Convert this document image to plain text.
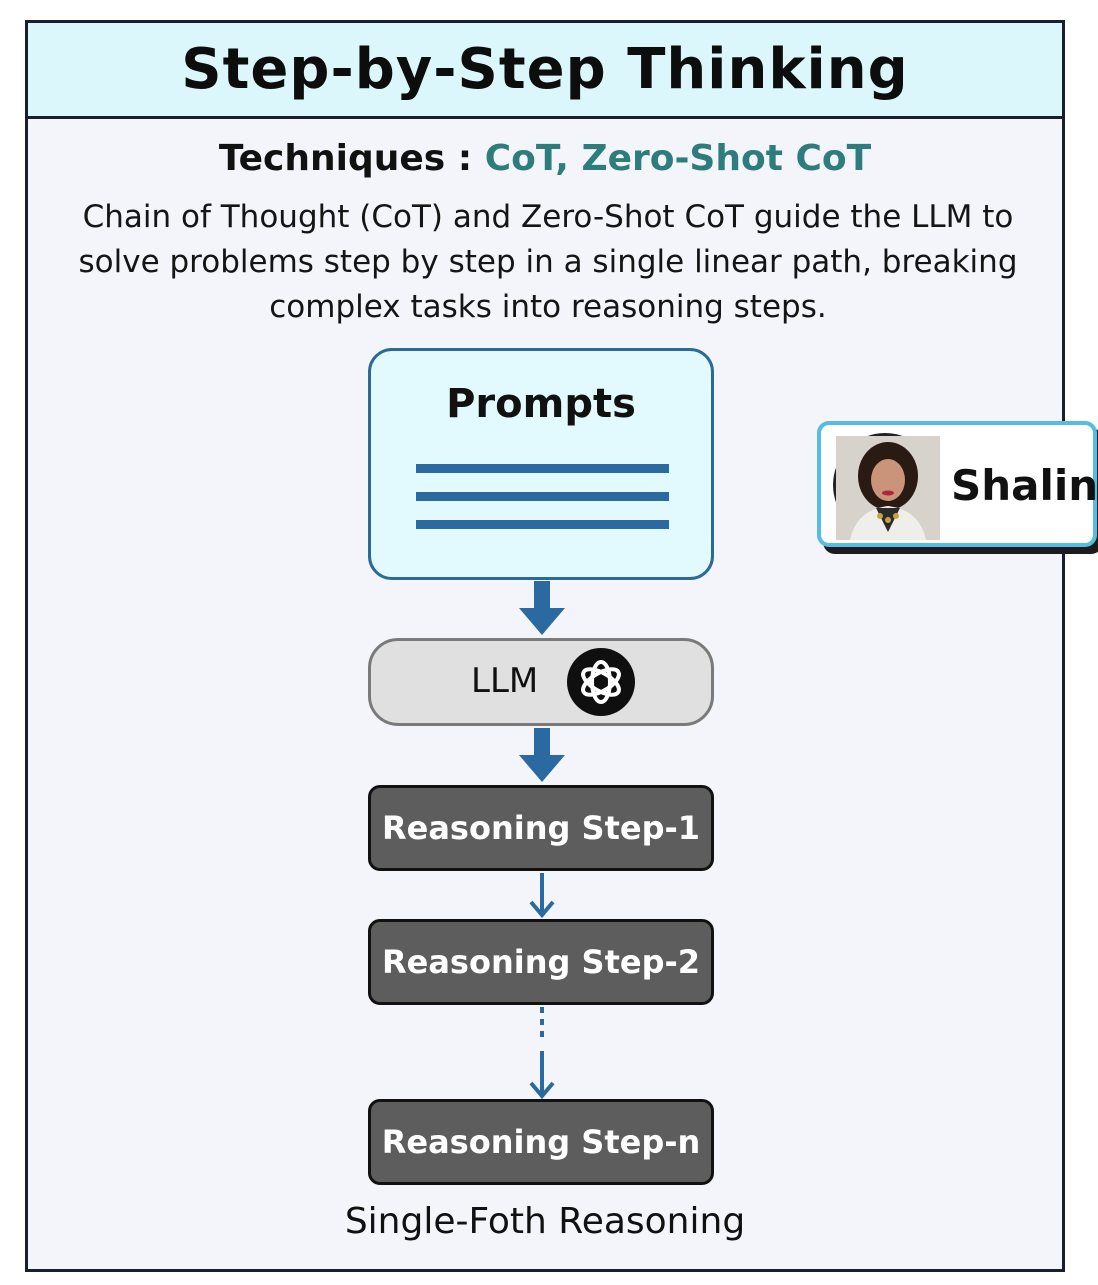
Step-by-Step Thinking
Techniques : CoT, Zero-Shot CoT
Chain of Thought (CoT) and Zero-Shot CoT guide the LLM to solve problems step by step in a single linear path, breaking complex tasks into reasoning steps.
Prompts
LLM
Reasoning Step-1
Reasoning Step-2
Reasoning Step-n
Single-Foth Reasoning
Shalin
